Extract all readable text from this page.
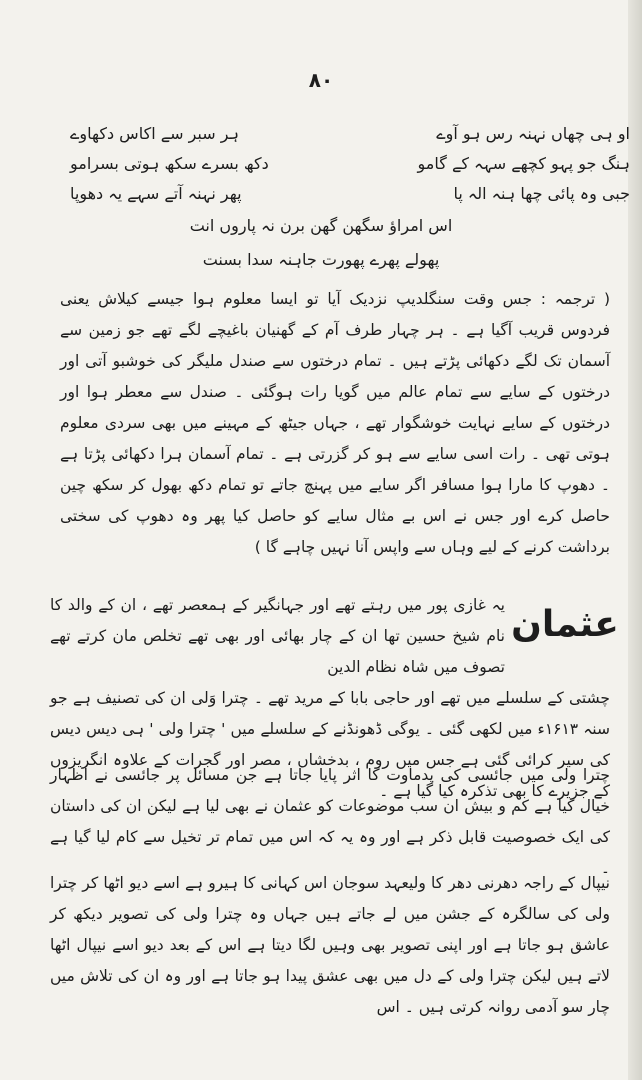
۸۰
او ہی چھاں نہنہ رس ہو آوے
ہر سبر سے اکاس دکھاوے
ہنگ جو پہو کچھے سہہ کے گامو
دکھ بسرے سکھ ہوتی بسرامو
جبی وہ پائی چھا ہنہ الہ پا
پھر نہنہ آتے سہے یہ دھوپا
اس امراؤ سگھن گھن برن نہ پاروں انت
پھولے پھرے پھورت جاہنہ سدا بسنت

( ترجمہ : جس وقت سنگلدیپ نزدیک آیا تو ایسا معلوم ہوا جیسے کیلاش یعنی فردوس قریب آگیا ہے ۔ ہر چہار طرف آم کے گھنیان باغیچے لگے تھے جو زمین سے آسمان تک لگے دکھائی پڑتے ہیں ۔ تمام درختوں سے صندل ملیگر کی خوشبو آتی اور درختوں کے سایے سے تمام عالم میں گویا رات ہوگئی ۔ صندل سے معطر ہوا اور درختوں کے سایے نہایت خوشگوار تھے ، جہاں جیٹھ کے مہینے میں بھی سردی معلوم ہوتی تھی ۔ رات اسی سایے سے ہو کر گزرتی ہے ۔ تمام آسمان ہرا دکھائی پڑتا ہے ۔ دھوپ کا مارا ہوا مسافر اگر سایے میں پہنچ جاتے تو تمام دکھ بھول کر سکھ چین حاصل کرے اور جس نے اس بے مثال سایے کو حاصل کیا پھر وہ دھوپ کی سختی برداشت کرنے کے لیے وہاں سے واپس آنا نہیں چاہے گا )

عثمان

یہ غازی پور میں رہتے تھے اور جہانگیر کے ہمعصر تھے ، ان کے والد کا نام شیخ حسین تھا ان کے چار بھائی اور بھی تھے تخلص مان کرتے تھے تصوف میں شاہ نظام الدین

چشتی کے سلسلے میں تھے اور حاجی بابا کے مرید تھے ۔ چترا وَلی ان کی تصنیف ہے جو سنہ ۱۶۱۳ء میں لکھی گئی ۔ یوگی ڈھونڈنے کے سلسلے میں ' چترا ولی ' ہی دیس دیس کی سیر کرائی گئی ہے جس میں روم ، بدخشاں ، مصر اور گجرات کے علاوہ انگریزوں کے جزیرے کا بھی تذکرہ کیا گیا ہے ۔

چترا ولی میں جائسی کی پدماوت کا اثر پایا جاتا ہے جن مسائل پر جائسی نے اظہار خیال کیا ہے کم و بیش ان سب موضوعات کو عثمان نے بھی لیا ہے لیکن ان کی داستان کی ایک خصوصیت قابل ذکر ہے اور وہ یہ کہ اس میں تمام تر تخیل سے کام لیا گیا ہے ۔

نیپال کے راجہ دھرنی دھر کا ولیعہد سوجان اس کہانی کا ہیرو ہے اسے دیو اٹھا کر چترا ولی کی سالگرہ کے جشن میں لے جاتے ہیں جہاں وہ چترا ولی کی تصویر دیکھ کر عاشق ہو جاتا ہے اور اپنی تصویر بھی وہیں لگا دیتا ہے اس کے بعد دیو اسے نیپال اٹھا لاتے ہیں لیکن چترا ولی کے دل میں بھی عشق پیدا ہو جاتا ہے اور وہ ان کی تلاش میں چار سو آدمی روانہ کرتی ہیں ۔ اس
